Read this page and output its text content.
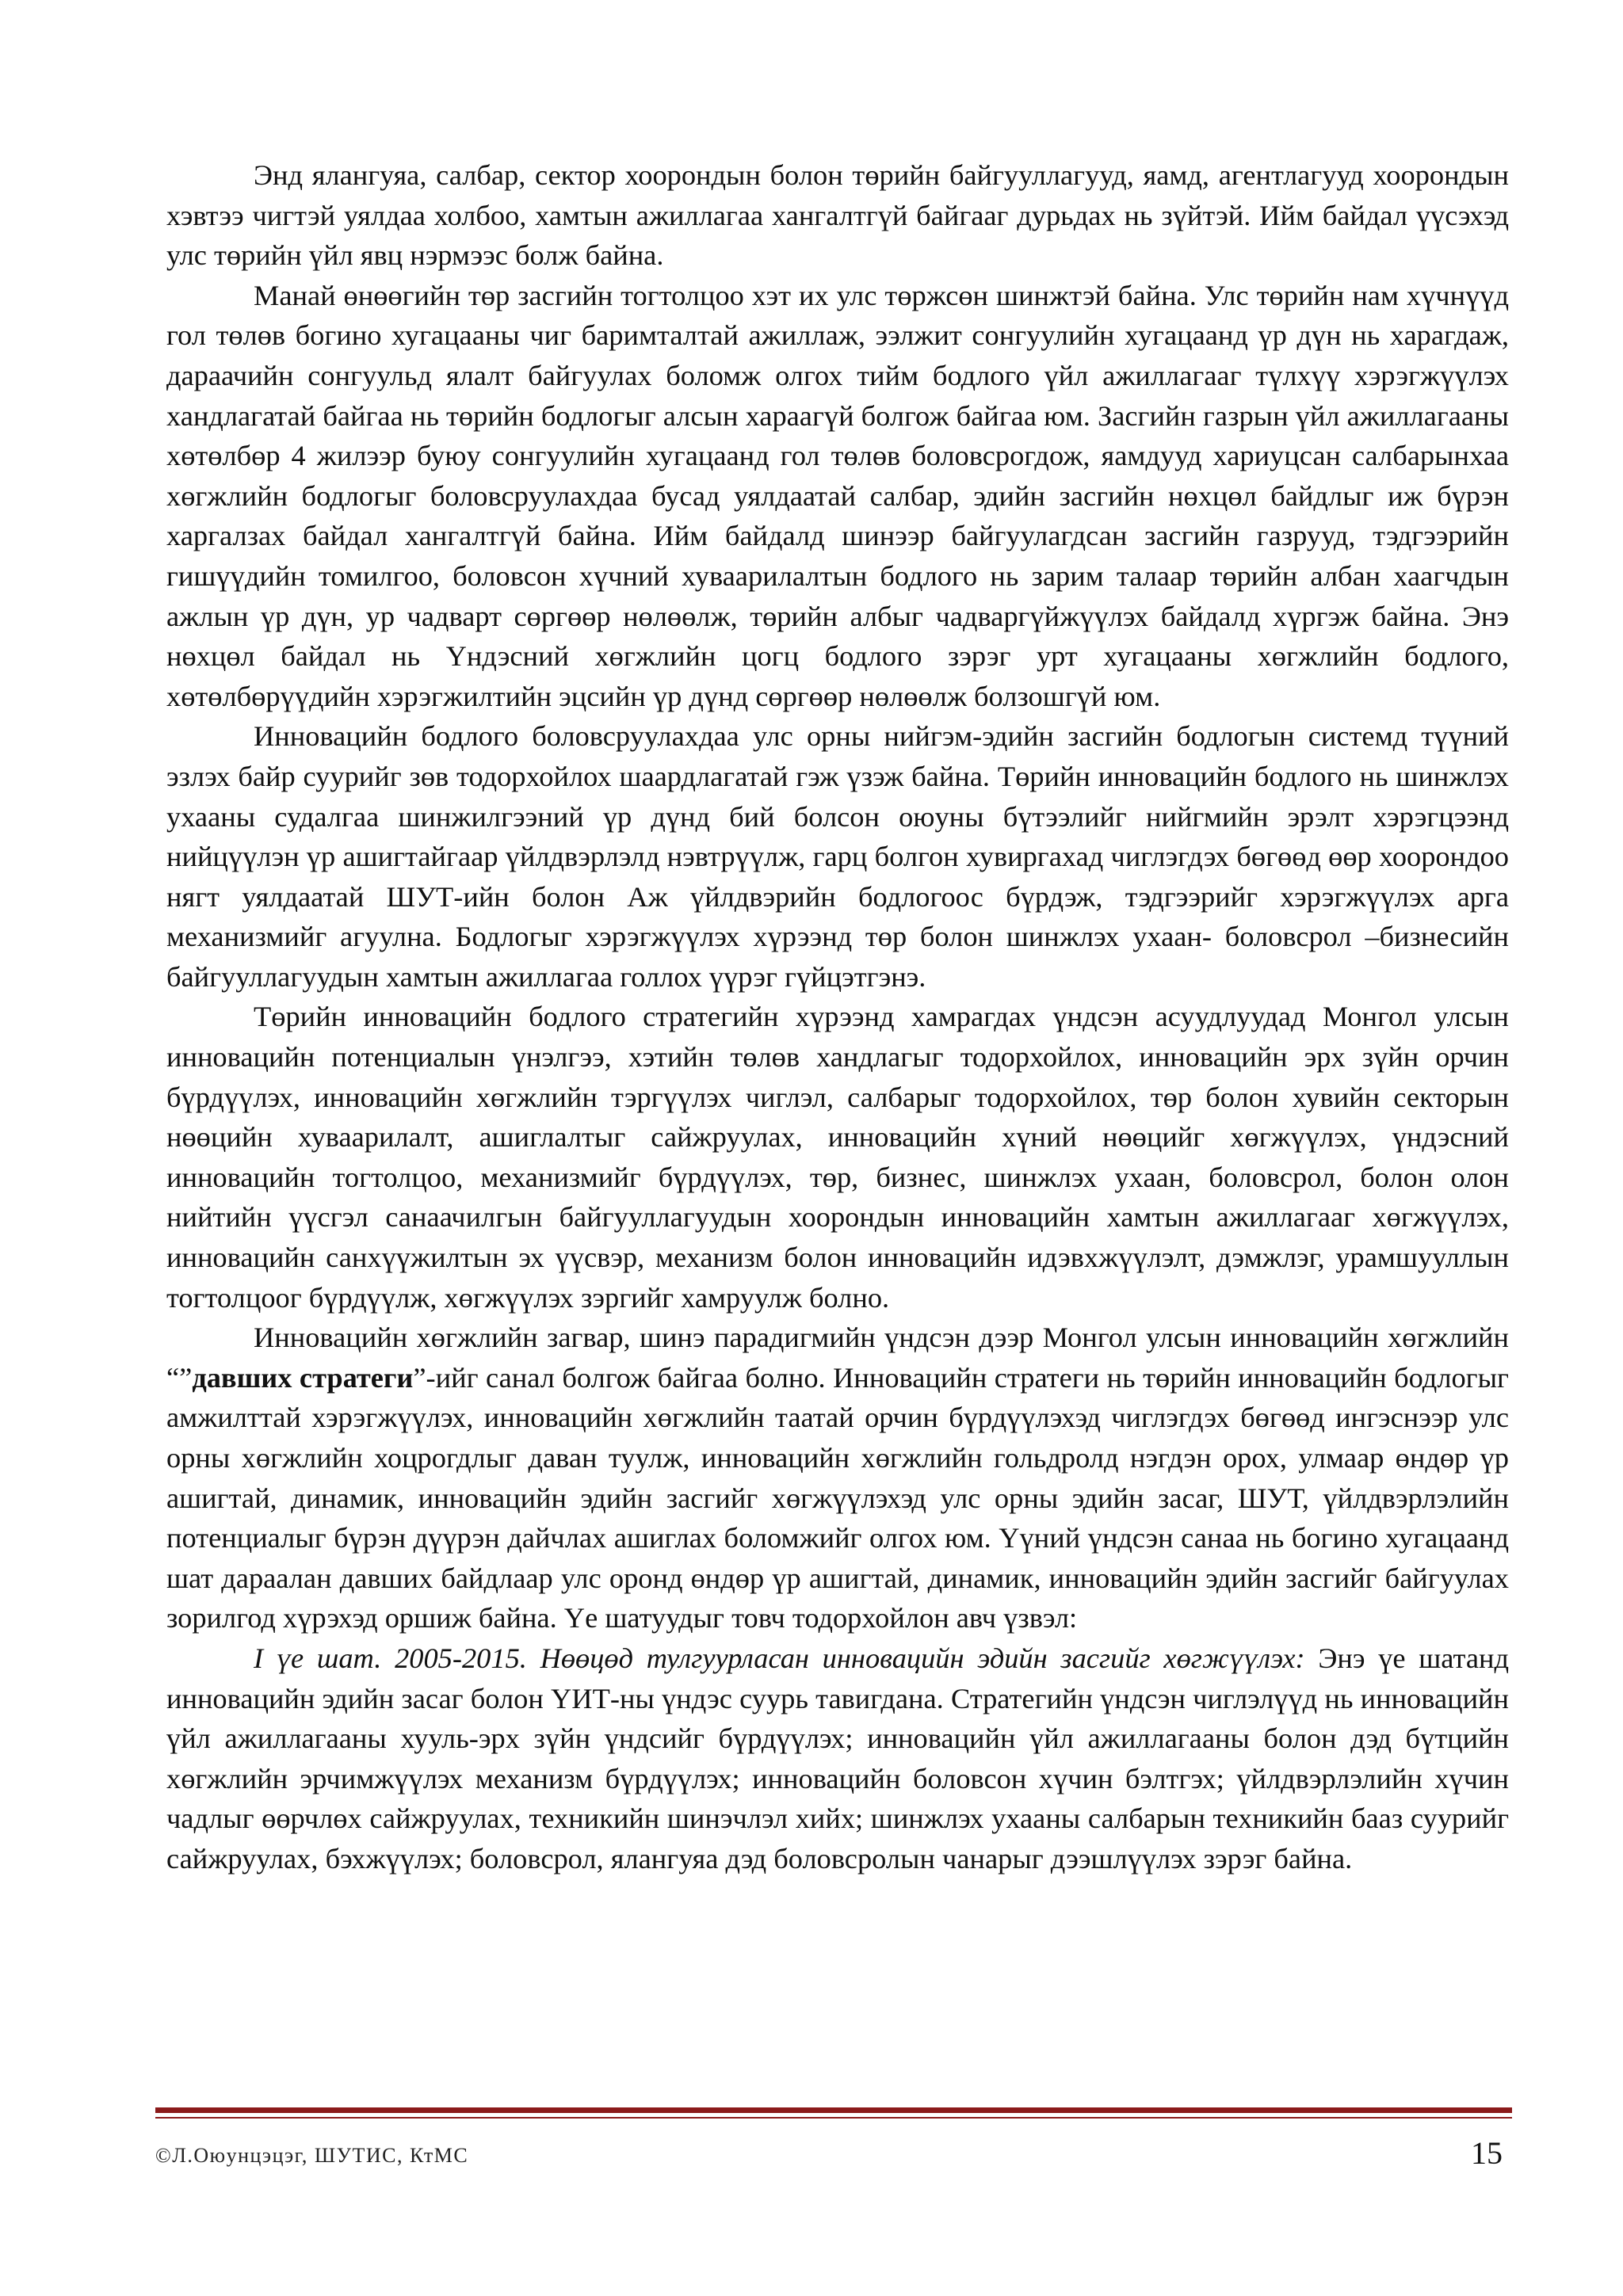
Энд ялангуяа, салбар, сектор хоорондын болон төрийн байгууллагууд, яамд, агентлагууд хоорондын хэвтээ чигтэй уялдаа холбоо, хамтын ажиллагаа хангалтгүй байгааг дурьдах нь зүйтэй. Ийм байдал үүсэхэд улс төрийн үйл явц нэрмээс болж байна.

Манай өнөөгийн төр засгийн тогтолцоо хэт их улс төржсөн шинжтэй байна. Улс төрийн нам хүчнүүд гол төлөв богино хугацааны чиг баримталтай ажиллаж, ээлжит сонгуулийн хугацаанд үр дүн нь харагдаж, дараачийн сонгуульд ялалт байгуулах боломж олгох тийм бодлого үйл ажиллагааг түлхүү хэрэгжүүлэх хандлагатай байгаа нь төрийн бодлогыг алсын хараагүй болгож байгаа юм. Засгийн газрын үйл ажиллагааны хөтөлбөр 4 жилээр буюу сонгуулийн хугацаанд гол төлөв боловсрогдож, яамдууд хариуцсан салбарынхаа хөгжлийн бодлогыг боловсруулахдаа бусад уялдаатай салбар, эдийн засгийн нөхцөл байдлыг иж бүрэн харгалзах байдал хангалтгүй байна. Ийм байдалд шинээр байгуулагдсан засгийн газрууд, тэдгээрийн гишүүдийн томилгоо, боловсон хүчний хуваарилалтын бодлого нь зарим талаар төрийн албан хаагчдын ажлын үр дүн, ур чадварт сөргөөр нөлөөлж, төрийн албыг чадваргүйжүүлэх байдалд хүргэж байна. Энэ нөхцөл байдал нь Үндэсний хөгжлийн цогц бодлого зэрэг урт хугацааны хөгжлийн бодлого, хөтөлбөрүүдийн хэрэгжилтийн эцсийн үр дүнд сөргөөр нөлөөлж болзошгүй юм.

Инновацийн бодлого боловсруулахдаа улс орны нийгэм-эдийн засгийн бодлогын системд түүний эзлэх байр суурийг зөв тодорхойлох шаардлагатай гэж үзэж байна. Төрийн инновацийн бодлого нь шинжлэх ухааны судалгаа шинжилгээний үр дүнд бий болсон оюуны бүтээлийг нийгмийн эрэлт хэрэгцээнд нийцүүлэн үр ашигтайгаар үйлдвэрлэлд нэвтрүүлж, гарц болгон хувиргахад чиглэгдэх бөгөөд өөр хоорондоо нягт уялдаатай ШУТ-ийн болон Аж үйлдвэрийн бодлогоос бүрдэж, тэдгээрийг хэрэгжүүлэх арга механизмийг агуулна. Бодлогыг хэрэгжүүлэх хүрээнд төр болон шинжлэх ухаан- боловсрол –бизнесийн байгууллагуудын хамтын ажиллагаа голлох үүрэг гүйцэтгэнэ.

Төрийн инновацийн бодлого стратегийн хүрээнд хамрагдах үндсэн асуудлуудад Монгол улсын инновацийн потенциалын үнэлгээ, хэтийн төлөв хандлагыг тодорхойлох, инновацийн эрх зүйн орчин бүрдүүлэх, инновацийн хөгжлийн тэргүүлэх чиглэл, салбарыг тодорхойлох, төр болон хувийн секторын нөөцийн хуваарилалт, ашиглалтыг сайжруулах, инновацийн хүний нөөцийг хөгжүүлэх, үндэсний инновацийн тогтолцоо, механизмийг бүрдүүлэх, төр, бизнес, шинжлэх ухаан, боловсрол, болон олон нийтийн үүсгэл санаачилгын байгууллагуудын хоорондын инновацийн хамтын ажиллагааг хөгжүүлэх, инновацийн санхүүжилтын эх үүсвэр, механизм болон инновацийн идэвхжүүлэлт, дэмжлэг, урамшууллын тогтолцоог бүрдүүлж, хөгжүүлэх зэргийг хамруулж болно.

Инновацийн хөгжлийн загвар, шинэ парадигмийн үндсэн дээр Монгол улсын инновацийн хөгжлийн “”давших стратеги”-ийг санал болгож байгаа болно. Инновацийн стратеги нь төрийн инновацийн бодлогыг амжилттай хэрэгжүүлэх, инновацийн хөгжлийн таатай орчин бүрдүүлэхэд чиглэгдэх бөгөөд ингэснээр улс орны хөгжлийн хоцрогдлыг даван туулж, инновацийн хөгжлийн гольдролд нэгдэн орох, улмаар өндөр үр ашигтай, динамик, инновацийн эдийн засгийг хөгжүүлэхэд улс орны эдийн засаг, ШУТ, үйлдвэрлэлийн потенциалыг бүрэн дүүрэн дайчлах ашиглах боломжийг олгох юм. Үүний үндсэн санаа нь богино хугацаанд шат дараалан давших байдлаар улс оронд өндөр үр ашигтай, динамик, инновацийн эдийн засгийг байгуулах зорилгод хүрэхэд оршиж байна. Үе шатуудыг товч тодорхойлон авч үзвэл:

I үе шат. 2005-2015. Нөөцөд тулгуурласан инновацийн эдийн засгийг хөгжүүлэх: Энэ үе шатанд инновацийн эдийн засаг болон ҮИТ-ны үндэс суурь тавигдана. Стратегийн үндсэн чиглэлүүд нь инновацийн үйл ажиллагааны хууль-эрх зүйн үндсийг бүрдүүлэх; инновацийн үйл ажиллагааны болон дэд бүтцийн хөгжлийн эрчимжүүлэх механизм бүрдүүлэх; инновацийн боловсон хүчин бэлтгэх; үйлдвэрлэлийн хүчин чадлыг өөрчлөх сайжруулах, техникийн шинэчлэл хийх; шинжлэх ухааны салбарын техникийн бааз суурийг сайжруулах, бэхжүүлэх; боловсрол, ялангуяа дэд боловсролын чанарыг дээшлүүлэх зэрэг байна.

©Л.Оюунцэцэг, ШУТИС, КтМС	15
